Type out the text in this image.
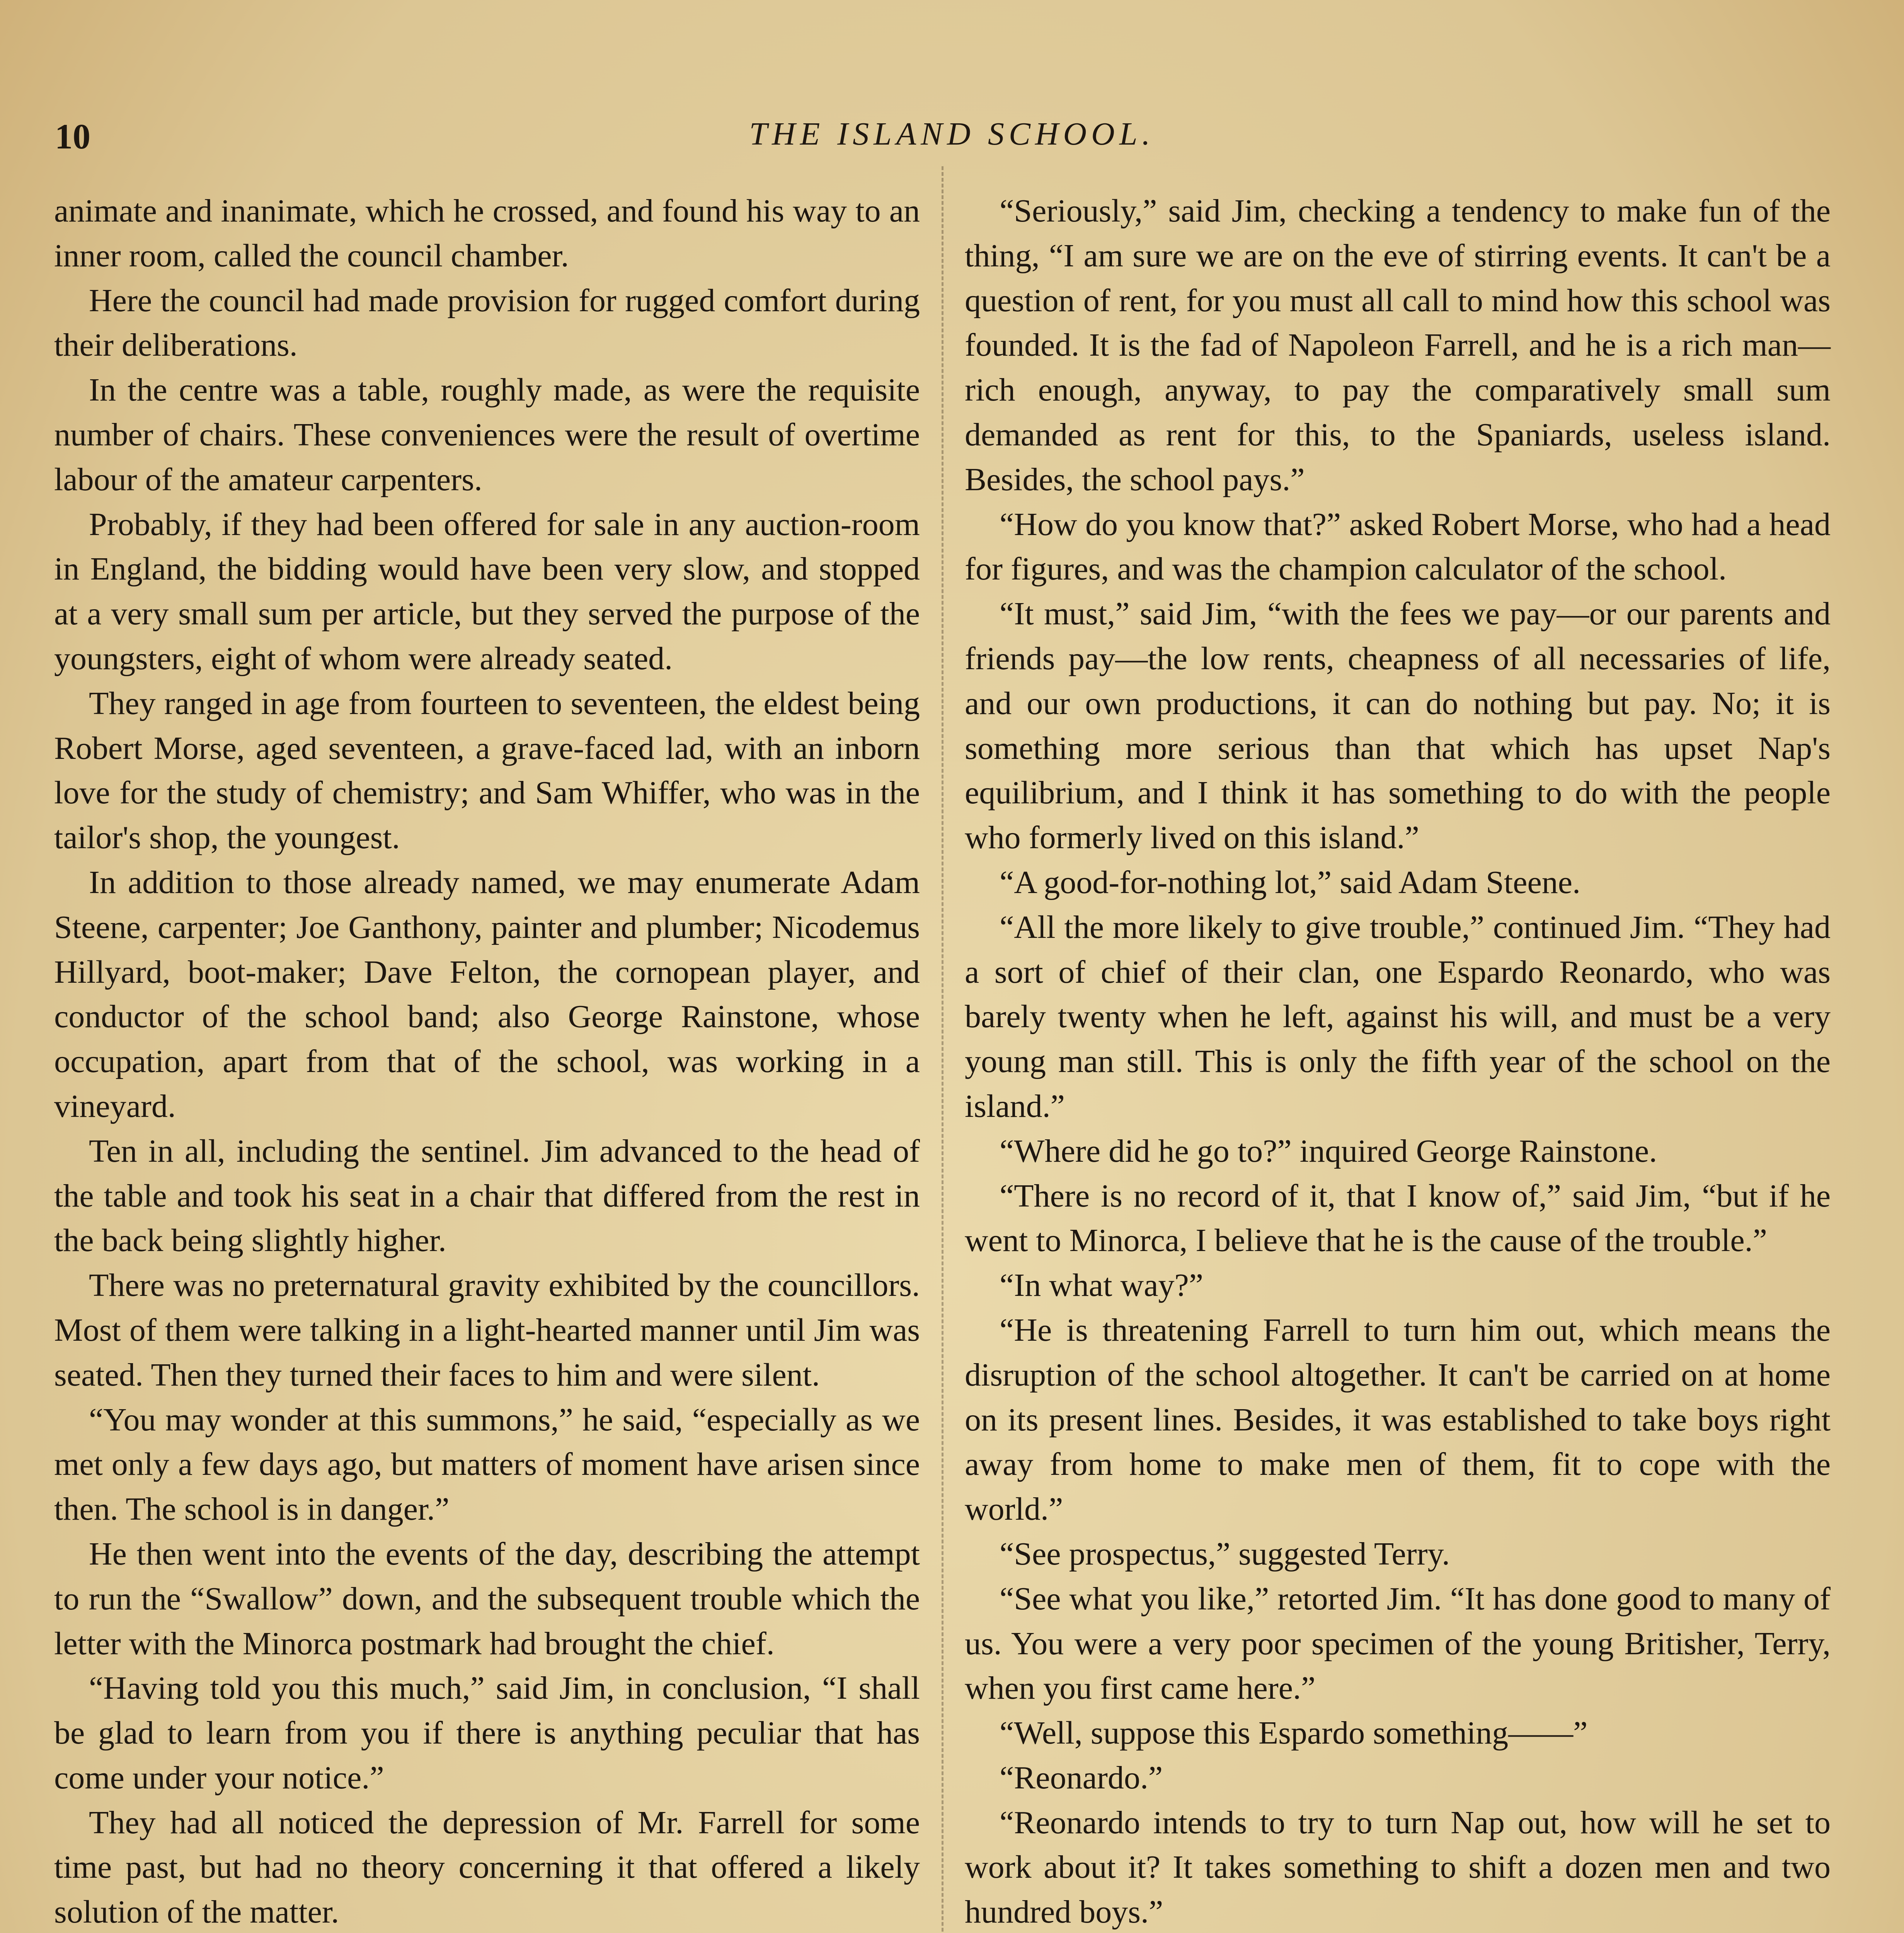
10	THE ISLAND SCHOOL.

animate and inanimate, which he crossed, and found his way to an inner room, called the council chamber.

Here the council had made provision for rugged comfort during their deliberations.

In the centre was a table, roughly made, as were the requisite number of chairs. These conveniences were the result of overtime labour of the amateur carpenters.

Probably, if they had been offered for sale in any auction-room in England, the bidding would have been very slow, and stopped at a very small sum per article, but they served the purpose of the youngsters, eight of whom were already seated.

They ranged in age from fourteen to seventeen, the eldest being Robert Morse, aged seventeen, a grave-faced lad, with an inborn love for the study of chemistry; and Sam Whiffer, who was in the tailor's shop, the youngest.

In addition to those already named, we may enumerate Adam Steene, carpenter; Joe Ganthony, painter and plumber; Nicodemus Hillyard, boot-maker; Dave Felton, the cornopean player, and conductor of the school band; also George Rainstone, whose occupation, apart from that of the school, was working in a vineyard.

Ten in all, including the sentinel. Jim advanced to the head of the table and took his seat in a chair that differed from the rest in the back being slightly higher.

There was no preternatural gravity exhibited by the councillors. Most of them were talking in a light-hearted manner until Jim was seated. Then they turned their faces to him and were silent.

“You may wonder at this summons,” he said, “especially as we met only a few days ago, but matters of moment have arisen since then. The school is in danger.”

He then went into the events of the day, describing the attempt to run the “Swallow” down, and the subsequent trouble which the letter with the Minorca postmark had brought the chief.

“Having told you this much,” said Jim, in conclusion, “I shall be glad to learn from you if there is anything peculiar that has come under your notice.”

They had all noticed the depression of Mr. Farrell for some time past, but had no theory concerning it that offered a likely solution of the matter.

“Seriously,” said Jim, checking a tendency to make fun of the thing, “I am sure we are on the eve of stirring events. It can't be a question of rent, for you must all call to mind how this school was founded. It is the fad of Napoleon Farrell, and he is a rich man—rich enough, anyway, to pay the comparatively small sum demanded as rent for this, to the Spaniards, useless island. Besides, the school pays.”

“How do you know that?” asked Robert Morse, who had a head for figures, and was the champion calculator of the school.

“It must,” said Jim, “with the fees we pay—or our parents and friends pay—the low rents, cheapness of all necessaries of life, and our own productions, it can do nothing but pay. No; it is something more serious than that which has upset Nap's equilibrium, and I think it has something to do with the people who formerly lived on this island.”

“A good-for-nothing lot,” said Adam Steene.

“All the more likely to give trouble,” continued Jim. “They had a sort of chief of their clan, one Espardo Reonardo, who was barely twenty when he left, against his will, and must be a very young man still. This is only the fifth year of the school on the island.”

“Where did he go to?” inquired George Rainstone.

“There is no record of it, that I know of,” said Jim, “but if he went to Minorca, I believe that he is the cause of the trouble.”

“In what way?”

“He is threatening Farrell to turn him out, which means the disruption of the school altogether. It can't be carried on at home on its present lines. Besides, it was established to take boys right away from home to make men of them, fit to cope with the world.”

“See prospectus,” suggested Terry.

“See what you like,” retorted Jim. “It has done good to many of us. You were a very poor specimen of the young Britisher, Terry, when you first came here.”

“Well, suppose this Espardo something——”

“Reonardo.”

“Reonardo intends to try to turn Nap out, how will he set to work about it? It takes something to shift a dozen men and two hundred boys.”
